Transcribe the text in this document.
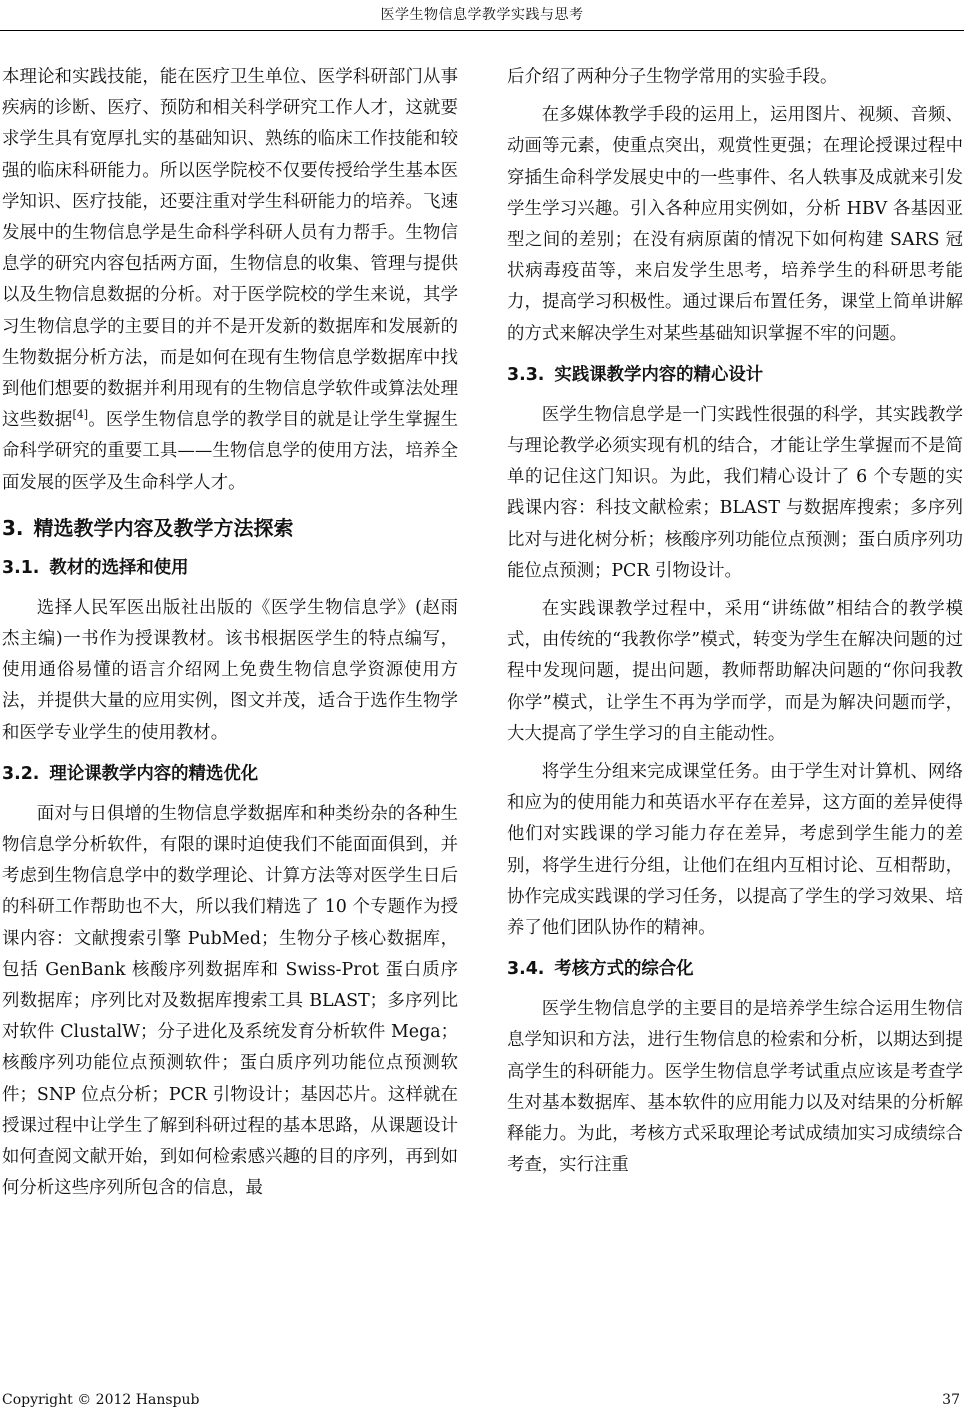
医学生物信息学教学实践与思考

本理论和实践技能，能在医疗卫生单位、医学科研部门从事疾病的诊断、医疗、预防和相关科学研究工作人才，这就要求学生具有宽厚扎实的基础知识、熟练的临床工作技能和较强的临床科研能力。所以医学院校不仅要传授给学生基本医学知识、医疗技能，还要注重对学生科研能力的培养。飞速发展中的生物信息学是生命科学科研人员有力帮手。生物信息学的研究内容包括两方面，生物信息的收集、管理与提供以及生物信息数据的分析。对于医学院校的学生来说，其学习生物信息学的主要目的并不是开发新的数据库和发展新的生物数据分析方法，而是如何在现有生物信息学数据库中找到他们想要的数据并利用现有的生物信息学软件或算法处理这些数据[4]。医学生物信息学的教学目的就是让学生掌握生命科学研究的重要工具——生物信息学的使用方法，培养全面发展的医学及生命科学人才。

3. 精选教学内容及教学方法探索
3.1. 教材的选择和使用

选择人民军医出版社出版的《医学生物信息学》(赵雨杰主编)一书作为授课教材。该书根据医学生的特点编写，使用通俗易懂的语言介绍网上免费生物信息学资源使用方法，并提供大量的应用实例，图文并茂，适合于选作生物学和医学专业学生的使用教材。

3.2. 理论课教学内容的精选优化

面对与日俱增的生物信息学数据库和种类纷杂的各种生物信息学分析软件，有限的课时迫使我们不能面面俱到，并考虑到生物信息学中的数学理论、计算方法等对医学生日后的科研工作帮助也不大，所以我们精选了 10 个专题作为授课内容：文献搜索引擎 PubMed；生物分子核心数据库，包括 GenBank 核酸序列数据库和 Swiss-Prot 蛋白质序列数据库；序列比对及数据库搜索工具 BLAST；多序列比对软件 ClustalW；分子进化及系统发育分析软件 Mega；核酸序列功能位点预测软件；蛋白质序列功能位点预测软件；SNP 位点分析；PCR 引物设计；基因芯片。这样就在授课过程中让学生了解到科研过程的基本思路，从课题设计如何查阅文献开始，到如何检索感兴趣的目的序列，再到如何分析这些序列所包含的信息，最

后介绍了两种分子生物学常用的实验手段。

在多媒体教学手段的运用上，运用图片、视频、音频、动画等元素，使重点突出，观赏性更强；在理论授课过程中穿插生命科学发展史中的一些事件、名人轶事及成就来引发学生学习兴趣。引入各种应用实例如，分析 HBV 各基因亚型之间的差别；在没有病原菌的情况下如何构建 SARS 冠状病毒疫苗等，来启发学生思考，培养学生的科研思考能力，提高学习积极性。通过课后布置任务，课堂上简单讲解的方式来解决学生对某些基础知识掌握不牢的问题。

3.3. 实践课教学内容的精心设计

医学生物信息学是一门实践性很强的科学，其实践教学与理论教学必须实现有机的结合，才能让学生掌握而不是简单的记住这门知识。为此，我们精心设计了 6 个专题的实践课内容：科技文献检索；BLAST 与数据库搜索；多序列比对与进化树分析；核酸序列功能位点预测；蛋白质序列功能位点预测；PCR 引物设计。

在实践课教学过程中，采用“讲练做”相结合的教学模式，由传统的“我教你学”模式，转变为学生在解决问题的过程中发现问题，提出问题，教师帮助解决问题的“你问我教你学”模式，让学生不再为学而学，而是为解决问题而学，大大提高了学生学习的自主能动性。

将学生分组来完成课堂任务。由于学生对计算机、网络和应为的使用能力和英语水平存在差异，这方面的差异使得他们对实践课的学习能力存在差异，考虑到学生能力的差别，将学生进行分组，让他们在组内互相讨论、互相帮助，协作完成实践课的学习任务，以提高了学生的学习效果、培养了他们团队协作的精神。

3.4. 考核方式的综合化

医学生物信息学的主要目的是培养学生综合运用生物信息学知识和方法，进行生物信息的检索和分析，以期达到提高学生的科研能力。医学生物信息学考试重点应该是考查学生对基本数据库、基本软件的应用能力以及对结果的分析解释能力。为此，考核方式采取理论考试成绩加实习成绩综合考查，实行注重

Copyright © 2012 Hanspub	37
